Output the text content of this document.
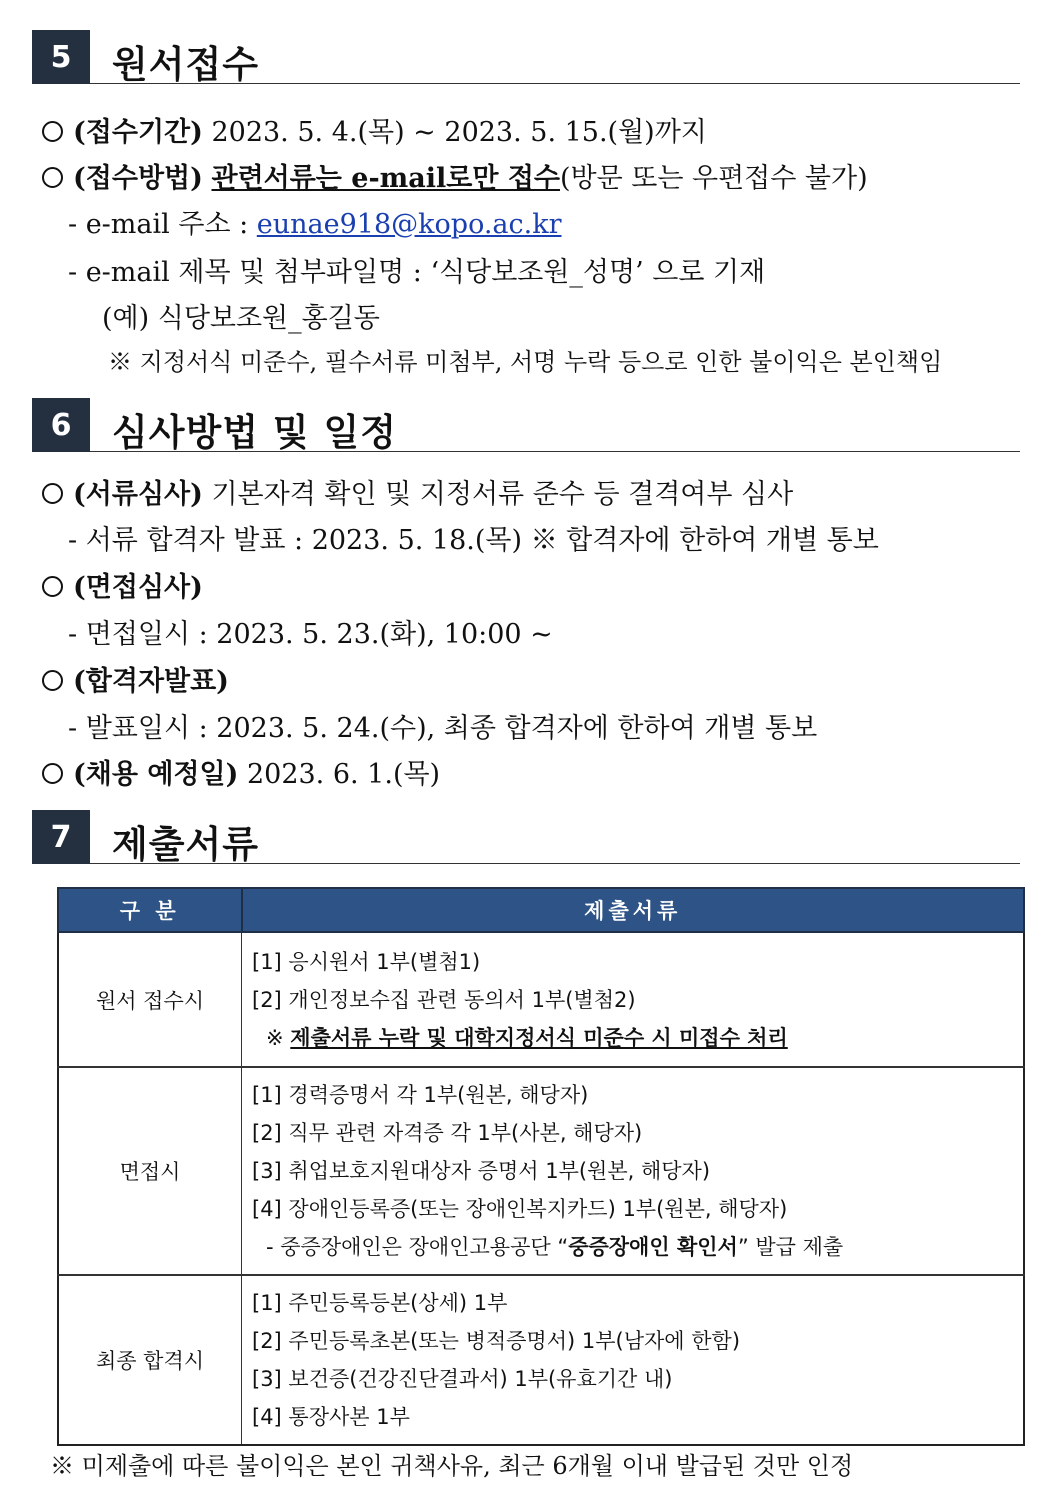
5	원서접수
(접수기간) 2023. 5. 4.(목) ~ 2023. 5. 15.(월)까지
(접수방법) 관련서류는 e-mail로만 접수(방문 또는 우편접수 불가)
- e-mail 주소 : eunae918@kopo.ac.kr
- e-mail 제목 및 첨부파일명 : ‘식당보조원_성명’ 으로 기재
(예) 식당보조원_홍길동
※ 지정서식 미준수, 필수서류 미첨부, 서명 누락 등으로 인한 불이익은 본인책임
6	심사방법 및 일정
(서류심사) 기본자격 확인 및 지정서류 준수 등 결격여부 심사
- 서류 합격자 발표 : 2023. 5. 18.(목) ※ 합격자에 한하여 개별 통보
(면접심사)
- 면접일시 : 2023. 5. 23.(화), 10:00 ~
(합격자발표)
- 발표일시 : 2023. 5. 24.(수), 최종 합격자에 한하여 개별 통보
(채용 예정일) 2023. 6. 1.(목)
7	제출서류
구 분	제출서류
원서 접수시	[1] 응시원서 1부(별첨1)
[2] 개인정보수집 관련 동의서 1부(별첨2)
※ 제출서류 누락 및 대학지정서식 미준수 시 미접수 처리

면접시	[1] 경력증명서 각 1부(원본, 해당자)
[2] 직무 관련 자격증 각 1부(사본, 해당자)
[3] 취업보호지원대상자 증명서 1부(원본, 해당자)
[4] 장애인등록증(또는 장애인복지카드) 1부(원본, 해당자)
- 중증장애인은 장애인고용공단 “중증장애인 확인서” 발급 제출

최종 합격시	[1] 주민등록등본(상세) 1부
[2] 주민등록초본(또는 병적증명서) 1부(남자에 한함)
[3] 보건증(건강진단결과서) 1부(유효기간 내)
[4] 통장사본 1부
※ 미제출에 따른 불이익은 본인 귀책사유, 최근 6개월 이내 발급된 것만 인정
